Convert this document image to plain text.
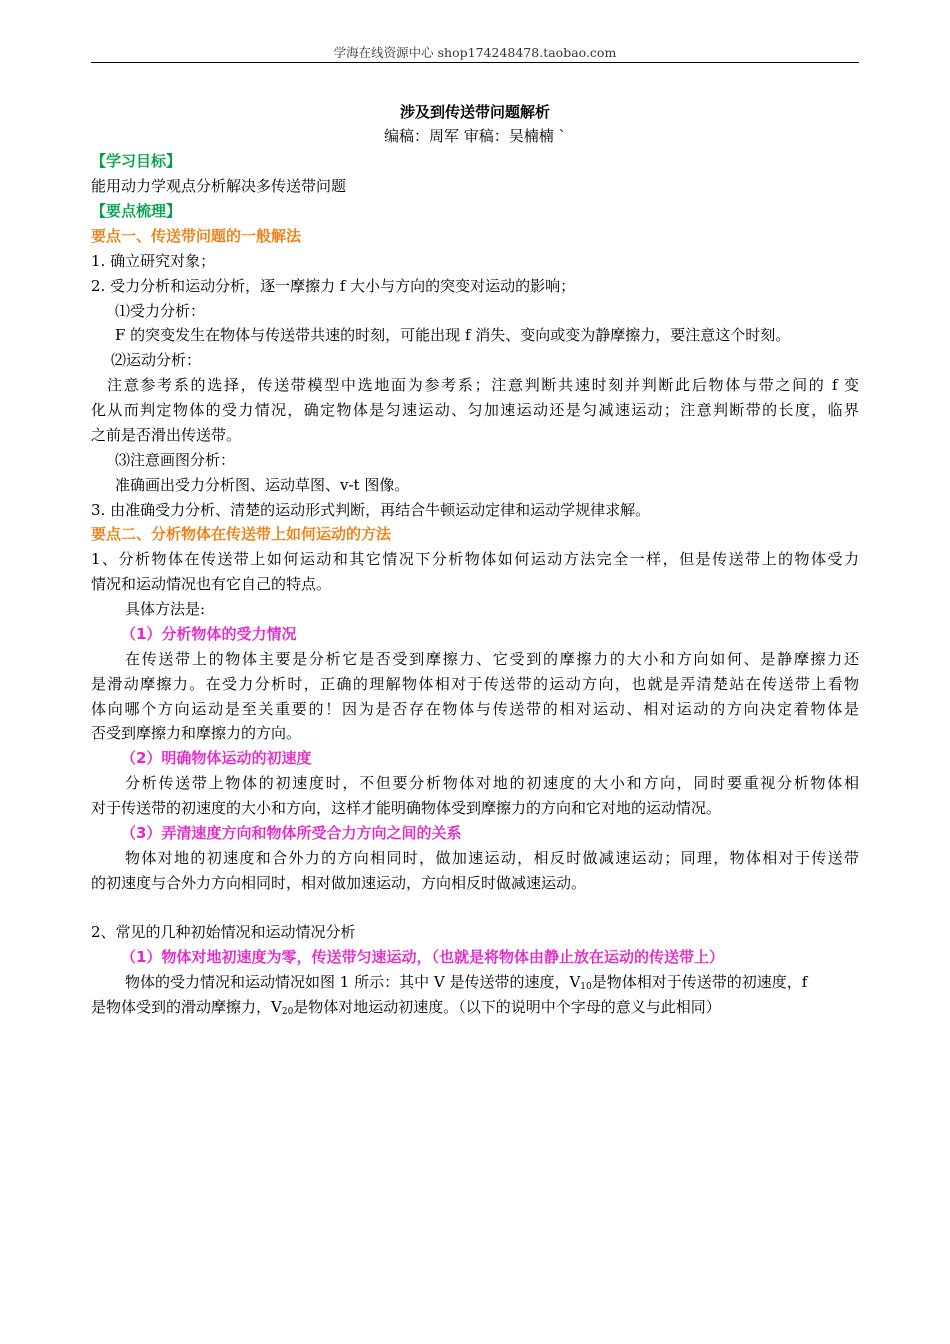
学海在线资源中心 shop174248478.taobao.com
涉及到传送带问题解析
编稿：周军 审稿：吴楠楠 `
【学习目标】
能用动力学观点分析解决多传送带问题
【要点梳理】
要点一、传送带问题的一般解法
1. 确立研究对象；
2. 受力分析和运动分析，逐一摩擦力 f 大小与方向的突变对运动的影响；
⑴受力分析：
F 的突变发生在物体与传送带共速的时刻，可能出现 f 消失、变向或变为静摩擦力，要注意这个时刻。
⑵运动分析：
注意参考系的选择，传送带模型中选地面为参考系；注意判断共速时刻并判断此后物体与带之间的 f 变
化从而判定物体的受力情况，确定物体是匀速运动、匀加速运动还是匀减速运动；注意判断带的长度，临界
之前是否滑出传送带。
⑶注意画图分析：
准确画出受力分析图、运动草图、v-t 图像。
3. 由准确受力分析、清楚的运动形式判断，再结合牛顿运动定律和运动学规律求解。
要点二、分析物体在传送带上如何运动的方法
1、分析物体在传送带上如何运动和其它情况下分析物体如何运动方法完全一样，但是传送带上的物体受力
情况和运动情况也有它自己的特点。
具体方法是:
（1）分析物体的受力情况
在传送带上的物体主要是分析它是否受到摩擦力、它受到的摩擦力的大小和方向如何、是静摩擦力还
是滑动摩擦力。在受力分析时，正确的理解物体相对于传送带的运动方向，也就是弄清楚站在传送带上看物
体向哪个方向运动是至关重要的！因为是否存在物体与传送带的相对运动、相对运动的方向决定着物体是
否受到摩擦力和摩擦力的方向。
（2）明确物体运动的初速度
分析传送带上物体的初速度时，不但要分析物体对地的初速度的大小和方向，同时要重视分析物体相
对于传送带的初速度的大小和方向，这样才能明确物体受到摩擦力的方向和它对地的运动情况。
（3）弄清速度方向和物体所受合力方向之间的关系
物体对地的初速度和合外力的方向相同时，做加速运动，相反时做减速运动；同理，物体相对于传送带
的初速度与合外力方向相同时，相对做加速运动，方向相反时做减速运动。
2、常见的几种初始情况和运动情况分析
（1）物体对地初速度为零，传送带匀速运动，（也就是将物体由静止放在运动的传送带上）
物体的受力情况和运动情况如图 1 所示：其中 V 是传送带的速度，$V_{10}$是物体相对于传送带的初速度，f
是物体受到的滑动摩擦力，$V_{20}$是物体对地运动初速度。（以下的说明中个字母的意义与此相同）
